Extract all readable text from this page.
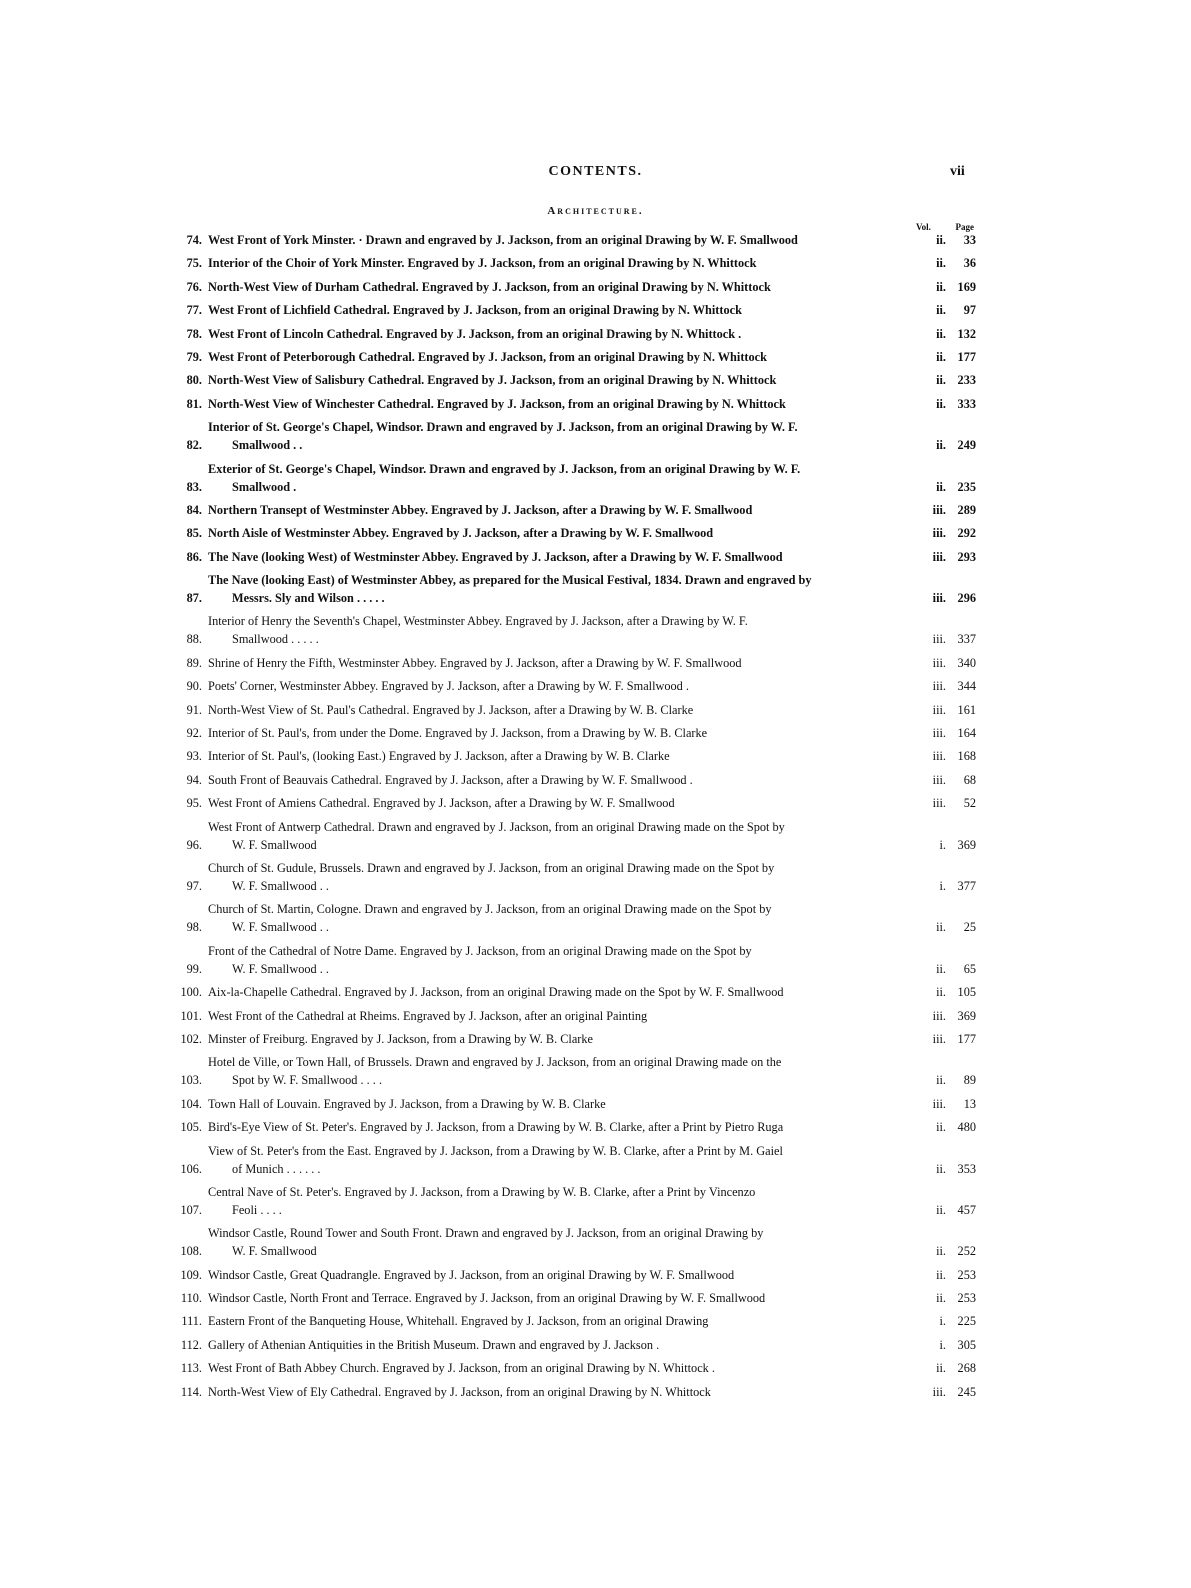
CONTENTS.	vii
Architecture.
Vol.	Page
74. West Front of York Minster. · Drawn and engraved by J. Jackson, from an original Drawing by W. F. Smallwood	ii.	33
75. Interior of the Choir of York Minster. Engraved by J. Jackson, from an original Drawing by N. Whittock	ii.	36
76. North-West View of Durham Cathedral. Engraved by J. Jackson, from an original Drawing by N. Whittock	ii. 169
77. West Front of Lichfield Cathedral. Engraved by J. Jackson, from an original Drawing by N. Whittock	ii.	97
78. West Front of Lincoln Cathedral. Engraved by J. Jackson, from an original Drawing by N. Whittock .	ii. 132
79. West Front of Peterborough Cathedral. Engraved by J. Jackson, from an original Drawing by N. Whittock	ii. 177
80. North-West View of Salisbury Cathedral. Engraved by J. Jackson, from an original Drawing by N. Whittock	ii. 233
81. North-West View of Winchester Cathedral. Engraved by J. Jackson, from an original Drawing by N. Whittock	ii. 333
82.
Interior of St. George's Chapel, Windsor. Drawn and engraved by J. Jackson, from an original Drawing by W. F.
Smallwood . .	ii. 249
83.
Exterior of St. George's Chapel, Windsor. Drawn and engraved by J. Jackson, from an original Drawing by W. F.
Smallwood .	ii. 235
84. Northern Transept of Westminster Abbey. Engraved by J. Jackson, after a Drawing by W. F. Smallwood	iii. 289
85. North Aisle of Westminster Abbey. Engraved by J. Jackson, after a Drawing by W. F. Smallwood	iii. 292
86. The Nave (looking West) of Westminster Abbey. Engraved by J. Jackson, after a Drawing by W. F. Smallwood	iii. 293
87.
The Nave (looking East) of Westminster Abbey, as prepared for the Musical Festival, 1834. Drawn and engraved by
Messrs. Sly and Wilson . . . . .	iii. 296
88.
Interior of Henry the Seventh's Chapel, Westminster Abbey. Engraved by J. Jackson, after a Drawing by W. F.
Smallwood . . . . .	iii. 337
89. Shrine of Henry the Fifth, Westminster Abbey. Engraved by J. Jackson, after a Drawing by W. F. Smallwood	iii. 340
90. Poets' Corner, Westminster Abbey. Engraved by J. Jackson, after a Drawing by W. F. Smallwood .	iii. 344
91. North-West View of St. Paul's Cathedral. Engraved by J. Jackson, after a Drawing by W. B. Clarke	iii. 161
92. Interior of St. Paul's, from under the Dome. Engraved by J. Jackson, from a Drawing by W. B. Clarke	iii. 164
93. Interior of St. Paul's, (looking East.) Engraved by J. Jackson, after a Drawing by W. B. Clarke	iii. 168
94. South Front of Beauvais Cathedral. Engraved by J. Jackson, after a Drawing by W. F. Smallwood .	iii.	68
95. West Front of Amiens Cathedral. Engraved by J. Jackson, after a Drawing by W. F. Smallwood	iii.	52
96.
West Front of Antwerp Cathedral. Drawn and engraved by J. Jackson, from an original Drawing made on the Spot by
W. F. Smallwood	i. 369
97.
Church of St. Gudule, Brussels. Drawn and engraved by J. Jackson, from an original Drawing made on the Spot by
W. F. Smallwood . .	i. 377
98.
Church of St. Martin, Cologne. Drawn and engraved by J. Jackson, from an original Drawing made on the Spot by
W. F. Smallwood . .	ii.	25
99.
Front of the Cathedral of Notre Dame. Engraved by J. Jackson, from an original Drawing made on the Spot by
W. F. Smallwood . .	ii.	65
100. Aix-la-Chapelle Cathedral. Engraved by J. Jackson, from an original Drawing made on the Spot by W. F. Smallwood	ii. 105
101. West Front of the Cathedral at Rheims. Engraved by J. Jackson, after an original Painting	iii. 369
102. Minster of Freiburg. Engraved by J. Jackson, from a Drawing by W. B. Clarke	iii. 177
103.
Hotel de Ville, or Town Hall, of Brussels. Drawn and engraved by J. Jackson, from an original Drawing made on the
Spot by W. F. Smallwood . . . .	ii.	89
104. Town Hall of Louvain. Engraved by J. Jackson, from a Drawing by W. B. Clarke	iii.	13
105. Bird's-Eye View of St. Peter's. Engraved by J. Jackson, from a Drawing by W. B. Clarke, after a Print by Pietro Ruga	ii. 480
106.
View of St. Peter's from the East. Engraved by J. Jackson, from a Drawing by W. B. Clarke, after a Print by M. Gaiel
of Munich . . . . . .	ii. 353
107.
Central Nave of St. Peter's. Engraved by J. Jackson, from a Drawing by W. B. Clarke, after a Print by Vincenzo
Feoli . . . .	ii. 457
108.
Windsor Castle, Round Tower and South Front. Drawn and engraved by J. Jackson, from an original Drawing by
W. F. Smallwood	ii. 252
109. Windsor Castle, Great Quadrangle. Engraved by J. Jackson, from an original Drawing by W. F. Smallwood	ii. 253
110. Windsor Castle, North Front and Terrace. Engraved by J. Jackson, from an original Drawing by W. F. Smallwood	ii. 253
111. Eastern Front of the Banqueting House, Whitehall. Engraved by J. Jackson, from an original Drawing	i. 225
112. Gallery of Athenian Antiquities in the British Museum. Drawn and engraved by J. Jackson .	i. 305
113. West Front of Bath Abbey Church. Engraved by J. Jackson, from an original Drawing by N. Whittock .	ii. 268
114. North-West View of Ely Cathedral. Engraved by J. Jackson, from an original Drawing by N. Whittock	iii. 245
